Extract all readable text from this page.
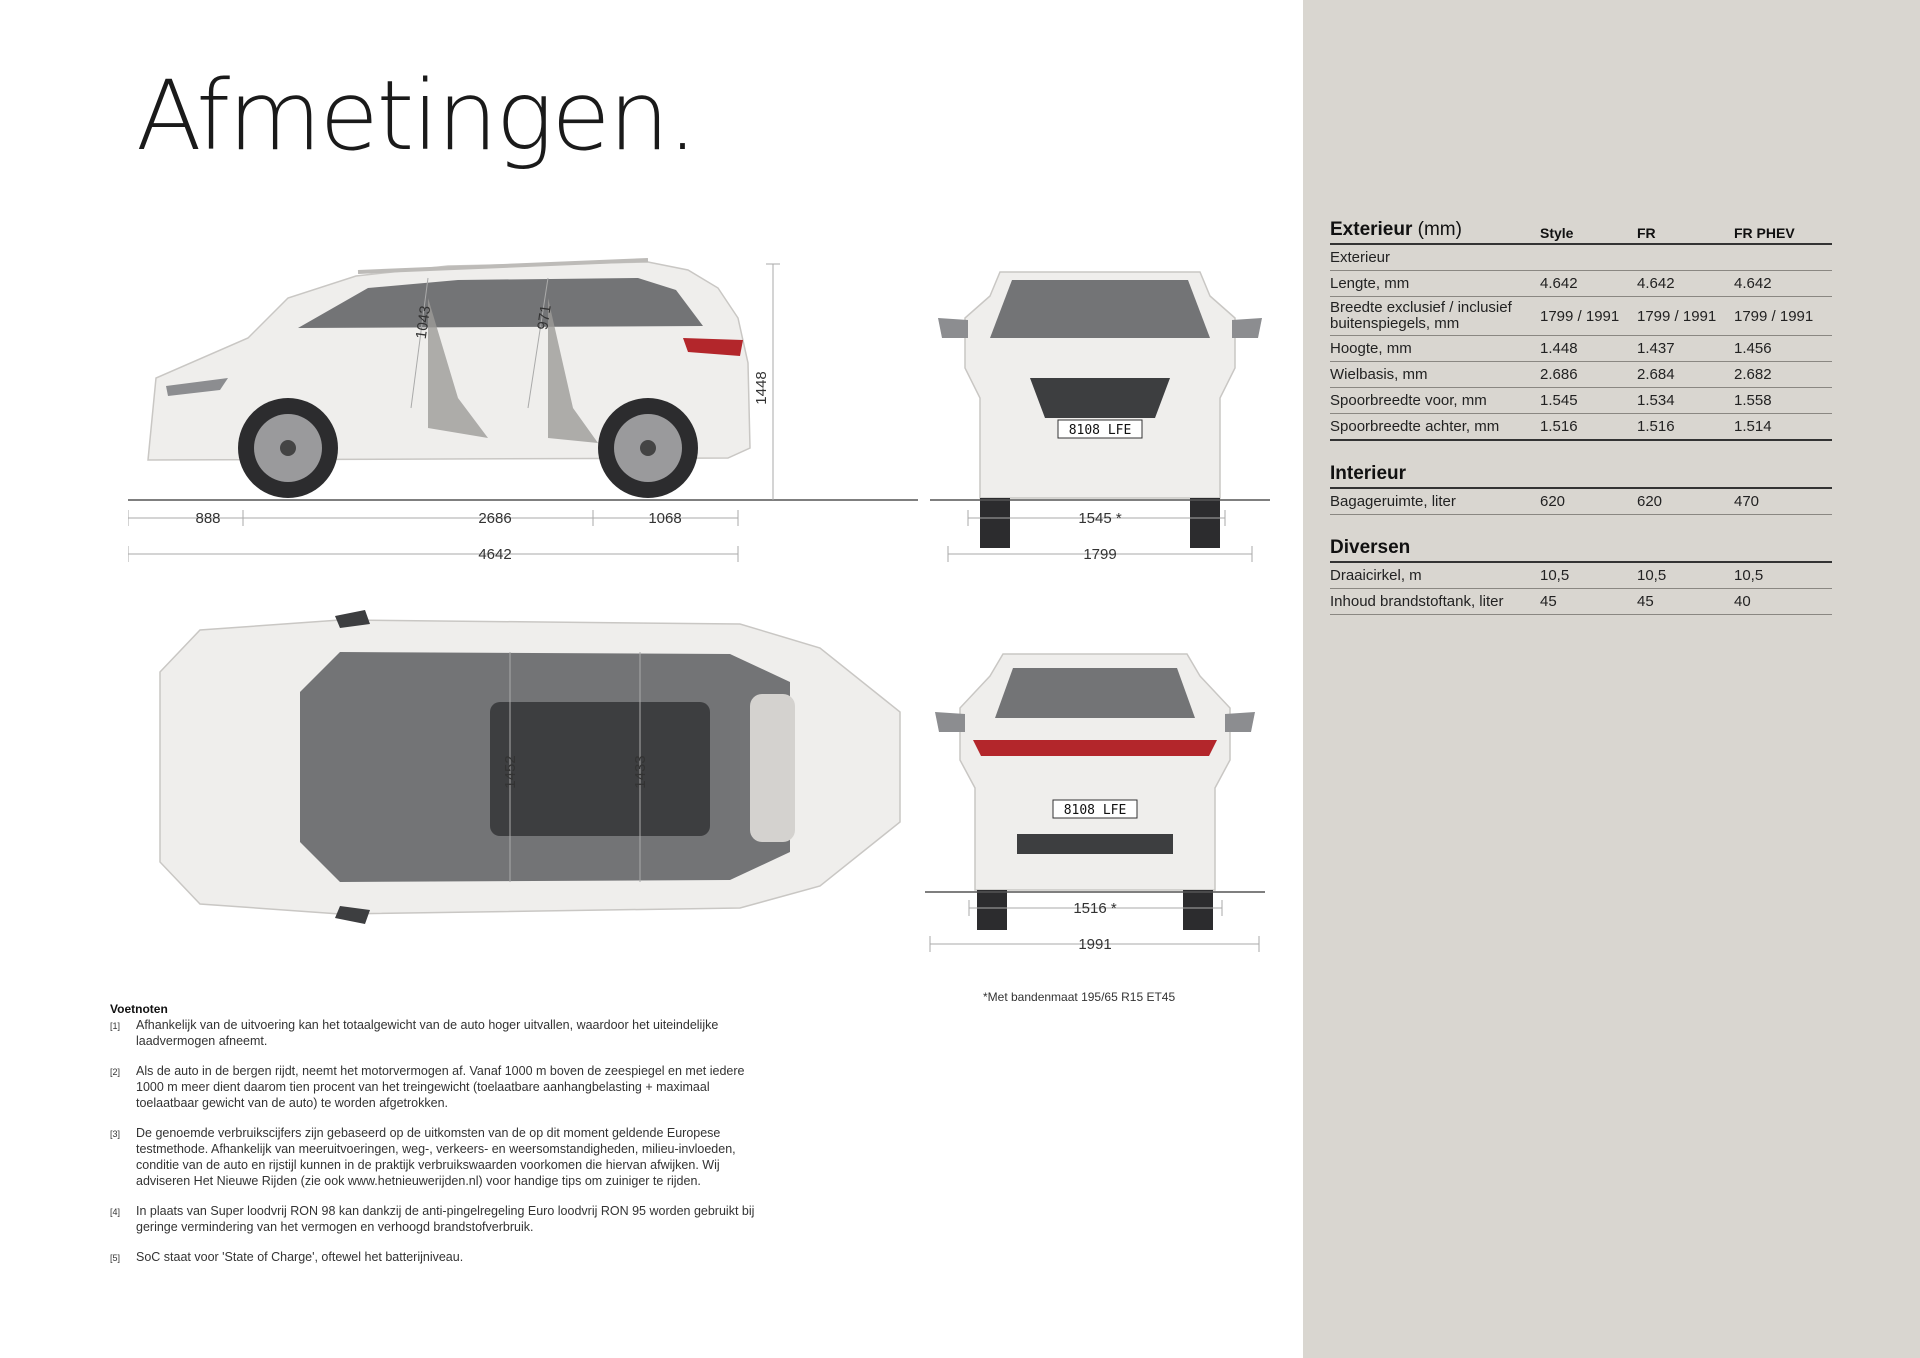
Afmetingen.
1448
1043	971
888	2686	1068
4642
8108 LFE
1545 *
1799
1452	1433
8108 LFE
1516 *
1991
*Met bandenmaat 195/65 R15 ET45
Exterieur (mm)	Style	FR	FR PHEV
Exterieur
Lengte, mm	4.642	4.642	4.642
Breedte exclusief / inclusief buitenspiegels, mm	1799 / 1991	1799 / 1991	1799 / 1991
Hoogte, mm	1.448	1.437	1.456
Wielbasis, mm	2.686	2.684	2.682
Spoorbreedte voor, mm	1.545	1.534	1.558
Spoorbreedte achter, mm	1.516	1.516	1.514
Interieur
Bagageruimte, liter	620	620	470
Diversen
Draaicirkel, m	10,5	10,5	10,5
Inhoud brandstoftank, liter	45	45	40
Voetnoten
[1]	Afhankelijk van de uitvoering kan het totaalgewicht van de auto hoger uitvallen, waardoor het uiteindelijke laadvermogen afneemt.
[2]	Als de auto in de bergen rijdt, neemt het motorvermogen af. Vanaf 1000 m boven de zeespiegel en met iedere 1000 m meer dient daarom tien procent van het treingewicht (toelaatbare aanhangbelasting + maximaal toelaatbaar gewicht van de auto) te worden afgetrokken.
[3]	De genoemde verbruikscijfers zijn gebaseerd op de uitkomsten van de op dit moment geldende Europese testmethode. Afhankelijk van meeruitvoeringen, weg-, verkeers- en weersomstandigheden, milieu-invloeden, conditie van de auto en rijstijl kunnen in de praktijk verbruikswaarden voorkomen die hiervan afwijken. Wij adviseren Het Nieuwe Rijden (zie ook www.hetnieuwerijden.nl) voor handige tips om zuiniger te rijden.
[4]	In plaats van Super loodvrij RON 98 kan dankzij de anti-pingelregeling Euro loodvrij RON 95 worden gebruikt bij geringe vermindering van het vermogen en verhoogd brandstofverbruik.
[5]	SoC staat voor 'State of Charge', oftewel het batterijniveau.
